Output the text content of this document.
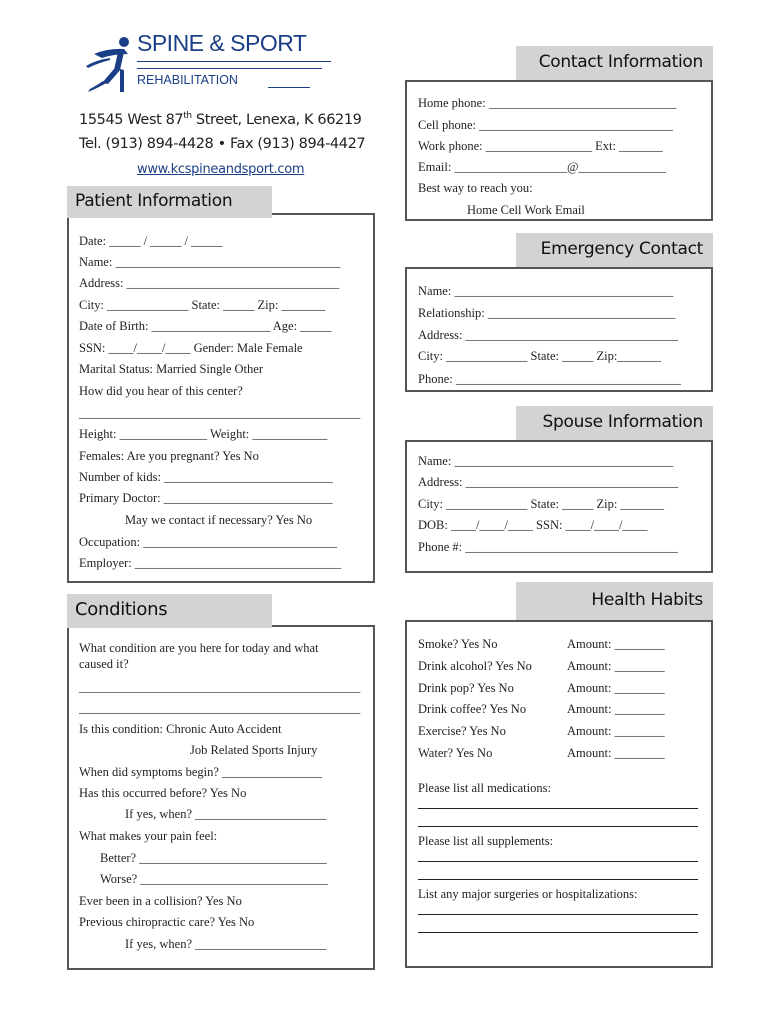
SPINE & SPORT
REHABILITATION
15545 West 87th Street, Lenexa, K 66219
Tel. (913) 894-4428 • Fax (913) 894-4427
www.kcspineandsport.com
Patient Information
Date: _____ / _____ / _____
Name: ____________________________________
Address: __________________________________
City: _____________ State: _____ Zip: _______
Date of Birth: ___________________ Age: _____
SSN: ____/____/____ Gender: Male Female
Marital Status: Married Single Other
How did you hear of this center?
_____________________________________________
Height: ______________ Weight: ____________
Females: Are you pregnant? Yes No
Number of kids: ___________________________
Primary Doctor: ___________________________
May we contact if necessary? Yes No
Occupation: _______________________________
Employer: _________________________________
Contact Information
Home phone: ______________________________
Cell phone: _______________________________
Work phone: _________________ Ext: _______
Email: __________________@______________
Best way to reach you:
Home Cell Work Email
Emergency Contact
Name: ___________________________________
Relationship: ______________________________
Address: __________________________________
City: _____________ State: _____ Zip:_______
Phone: ____________________________________
Spouse Information
Name: ___________________________________
Address: __________________________________
City: _____________ State: _____ Zip: _______
DOB: ____/____/____ SSN: ____/____/____
Phone #: __________________________________
Conditions
What condition are you here for today and what
caused it?
_____________________________________________
_____________________________________________
Is this condition: Chronic Auto Accident
Job Related Sports Injury
When did symptoms begin? ________________
Has this occurred before? Yes No
If yes, when? _____________________
What makes your pain feel:
Better? ______________________________
Worse? ______________________________
Ever been in a collision? Yes No
Previous chiropractic care? Yes No
If yes, when? _____________________
Health Habits
Smoke? Yes No	Amount: ________
Drink alcohol? Yes No	Amount: ________
Drink pop? Yes No	Amount: ________
Drink coffee? Yes No	Amount: ________
Exercise? Yes No	Amount: ________
Water? Yes No	Amount: ________
Please list all medications:
Please list all supplements:
List any major surgeries or hospitalizations:
